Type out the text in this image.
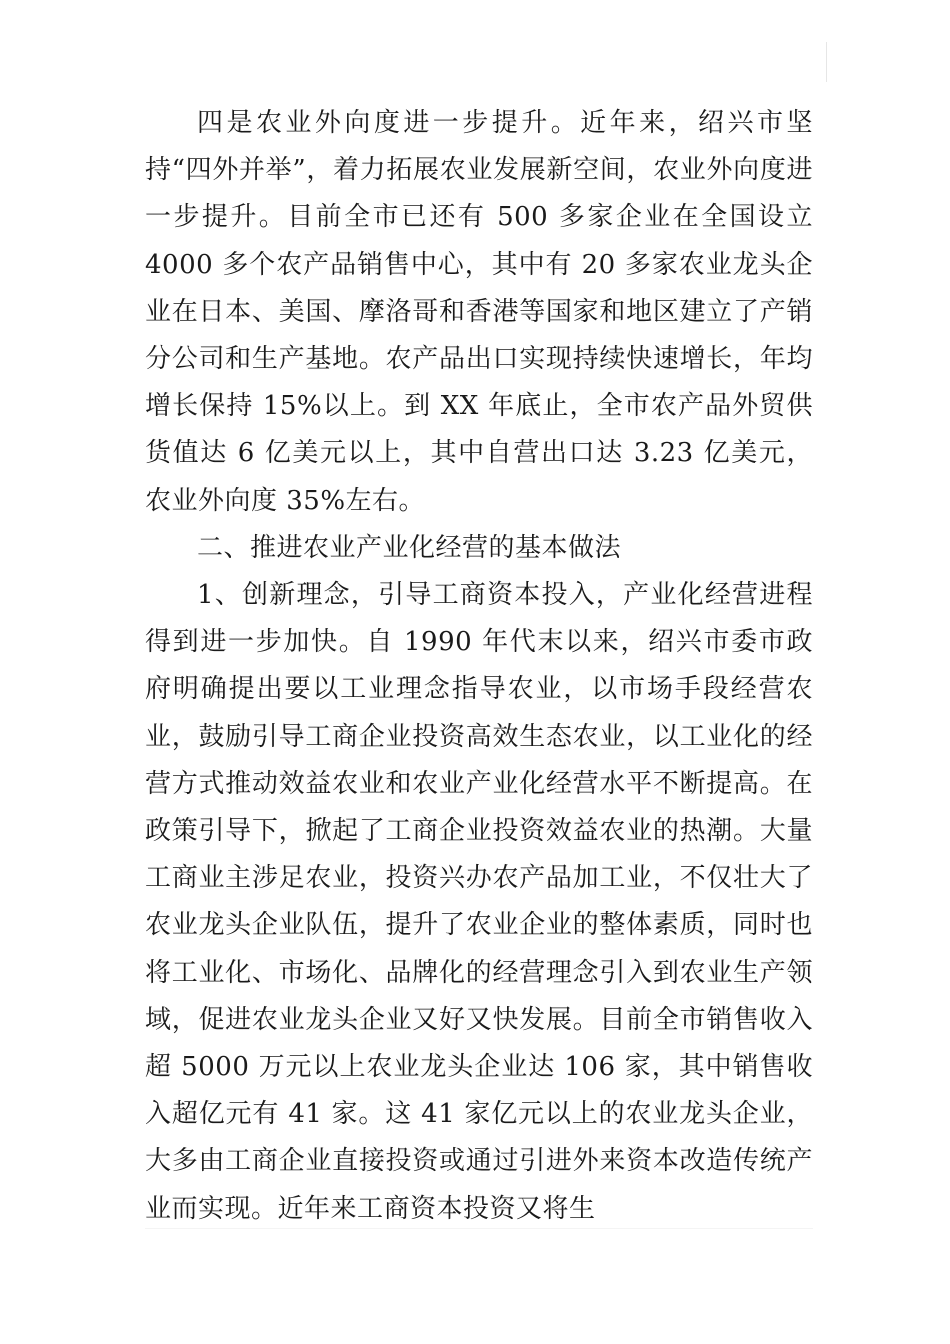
四是农业外向度进一步提升。近年来，绍兴市坚持“四外并举”，着力拓展农业发展新空间，农业外向度进一步提升。目前全市已还有 500 多家企业在全国设立 4000 多个农产品销售中心，其中有 20 多家农业龙头企业在日本、美国、摩洛哥和香港等国家和地区建立了产销分公司和生产基地。农产品出口实现持续快速增长，年均增长保持 15%以上。到 XX 年底止，全市农产品外贸供货值达 6 亿美元以上，其中自营出口达 3.23 亿美元，农业外向度 35%左右。

二、推进农业产业化经营的基本做法

1、创新理念，引导工商资本投入，产业化经营进程得到进一步加快。自 1990 年代末以来，绍兴市委市政府明确提出要以工业理念指导农业，以市场手段经营农业，鼓励引导工商企业投资高效生态农业，以工业化的经营方式推动效益农业和农业产业化经营水平不断提高。在政策引导下，掀起了工商企业投资效益农业的热潮。大量工商业主涉足农业，投资兴办农产品加工业，不仅壮大了农业龙头企业队伍，提升了农业企业的整体素质，同时也将工业化、市场化、品牌化的经营理念引入到农业生产领域，促进农业龙头企业又好又快发展。目前全市销售收入超 5000 万元以上农业龙头企业达 106 家，其中销售收入超亿元有 41 家。这 41 家亿元以上的农业龙头企业，大多由工商企业直接投资或通过引进外来资本改造传统产业而实现。近年来工商资本投资又将生
